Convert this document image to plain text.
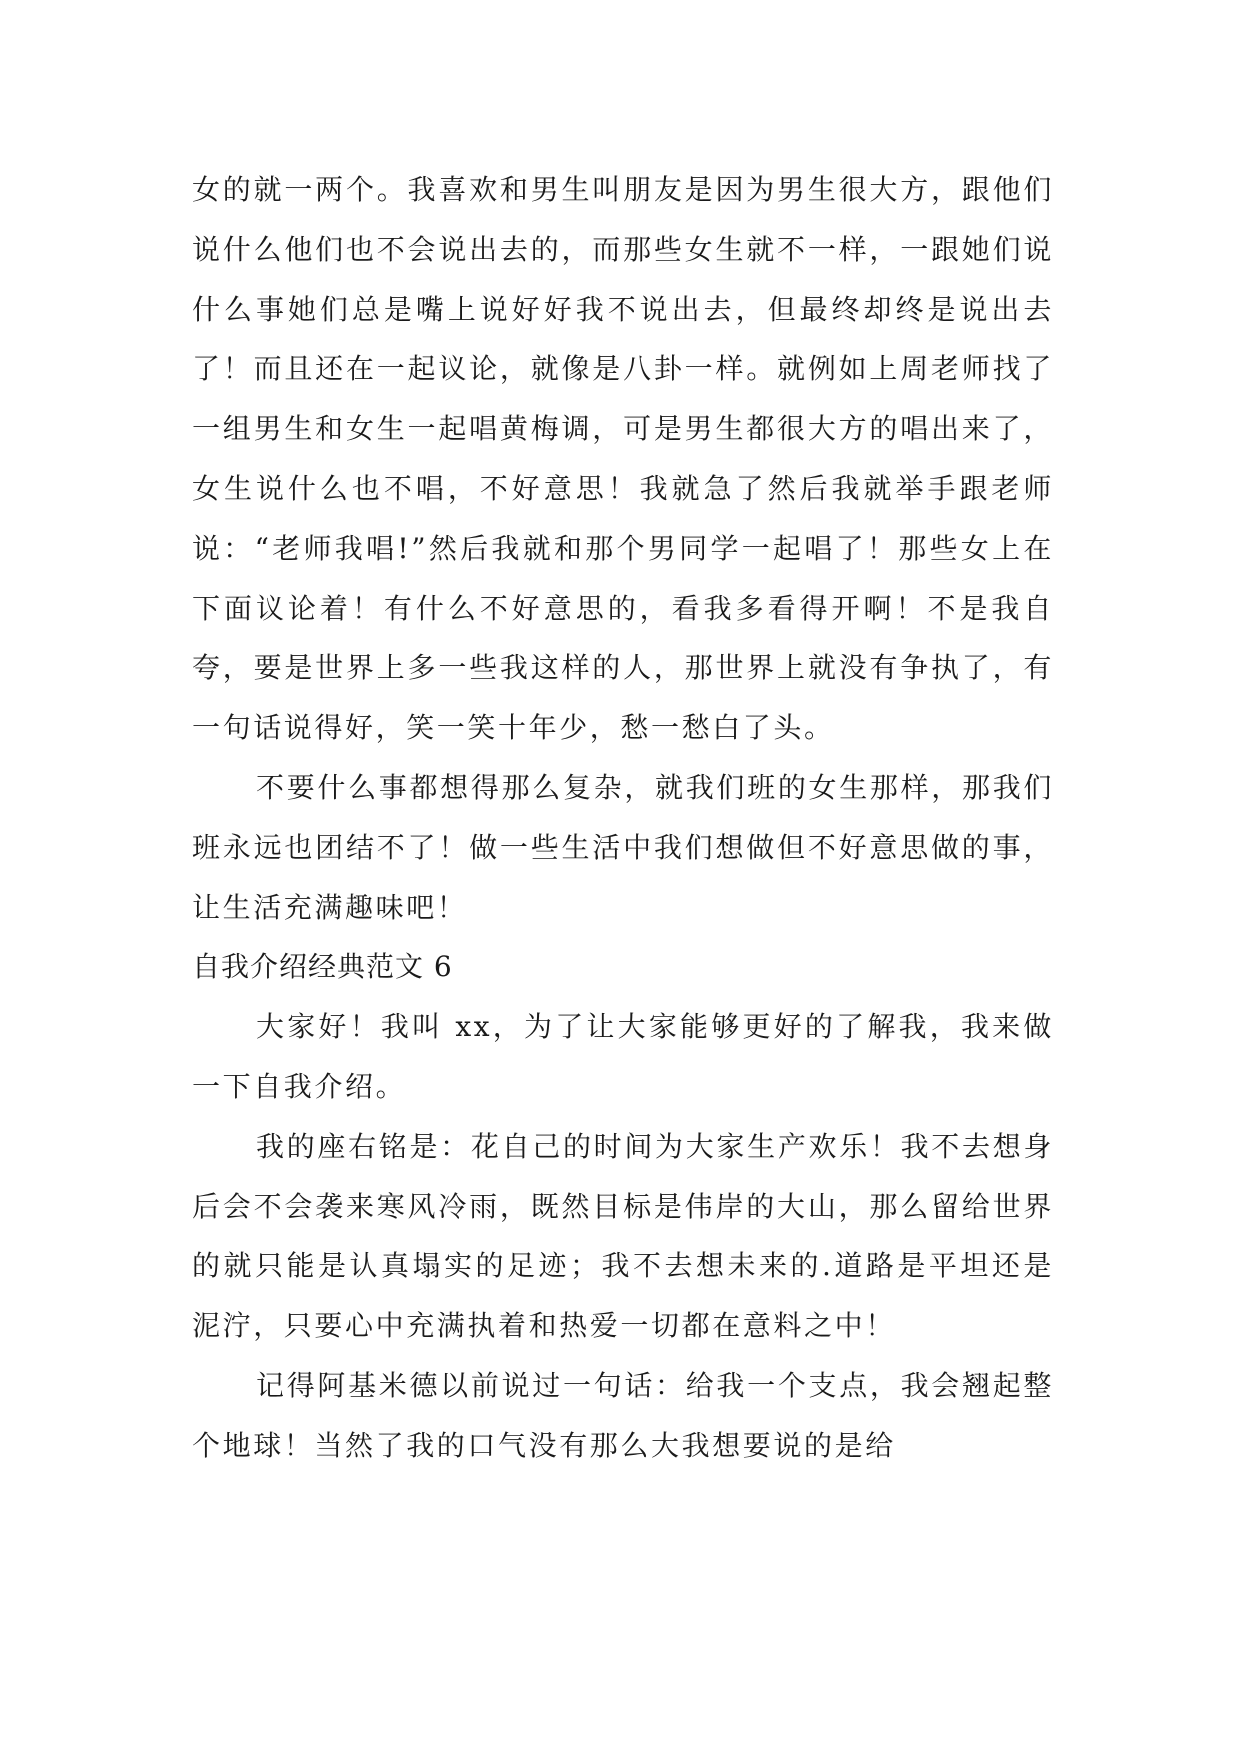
女的就一两个。我喜欢和男生叫朋友是因为男生很大方，跟他们说什么他们也不会说出去的，而那些女生就不一样，一跟她们说什么事她们总是嘴上说好好我不说出去，但最终却终是说出去了！而且还在一起议论，就像是八卦一样。就例如上周老师找了一组男生和女生一起唱黄梅调，可是男生都很大方的唱出来了，女生说什么也不唱，不好意思！我就急了然后我就举手跟老师说：“老师我唱!”然后我就和那个男同学一起唱了！那些女上在下面议论着！有什么不好意思的，看我多看得开啊！不是我自夸，要是世界上多一些我这样的人，那世界上就没有争执了，有一句话说得好，笑一笑十年少，愁一愁白了头。

不要什么事都想得那么复杂，就我们班的女生那样，那我们班永远也团结不了！做一些生活中我们想做但不好意思做的事，让生活充满趣味吧！

自我介绍经典范文 6

大家好！我叫 xx，为了让大家能够更好的了解我，我来做一下自我介绍。

我的座右铭是：花自己的时间为大家生产欢乐！我不去想身后会不会袭来寒风冷雨，既然目标是伟岸的大山，那么留给世界的就只能是认真塌实的足迹；我不去想未来的.道路是平坦还是泥泞，只要心中充满执着和热爱一切都在意料之中！

记得阿基米德以前说过一句话：给我一个支点，我会翘起整个地球！当然了我的口气没有那么大我想要说的是给
